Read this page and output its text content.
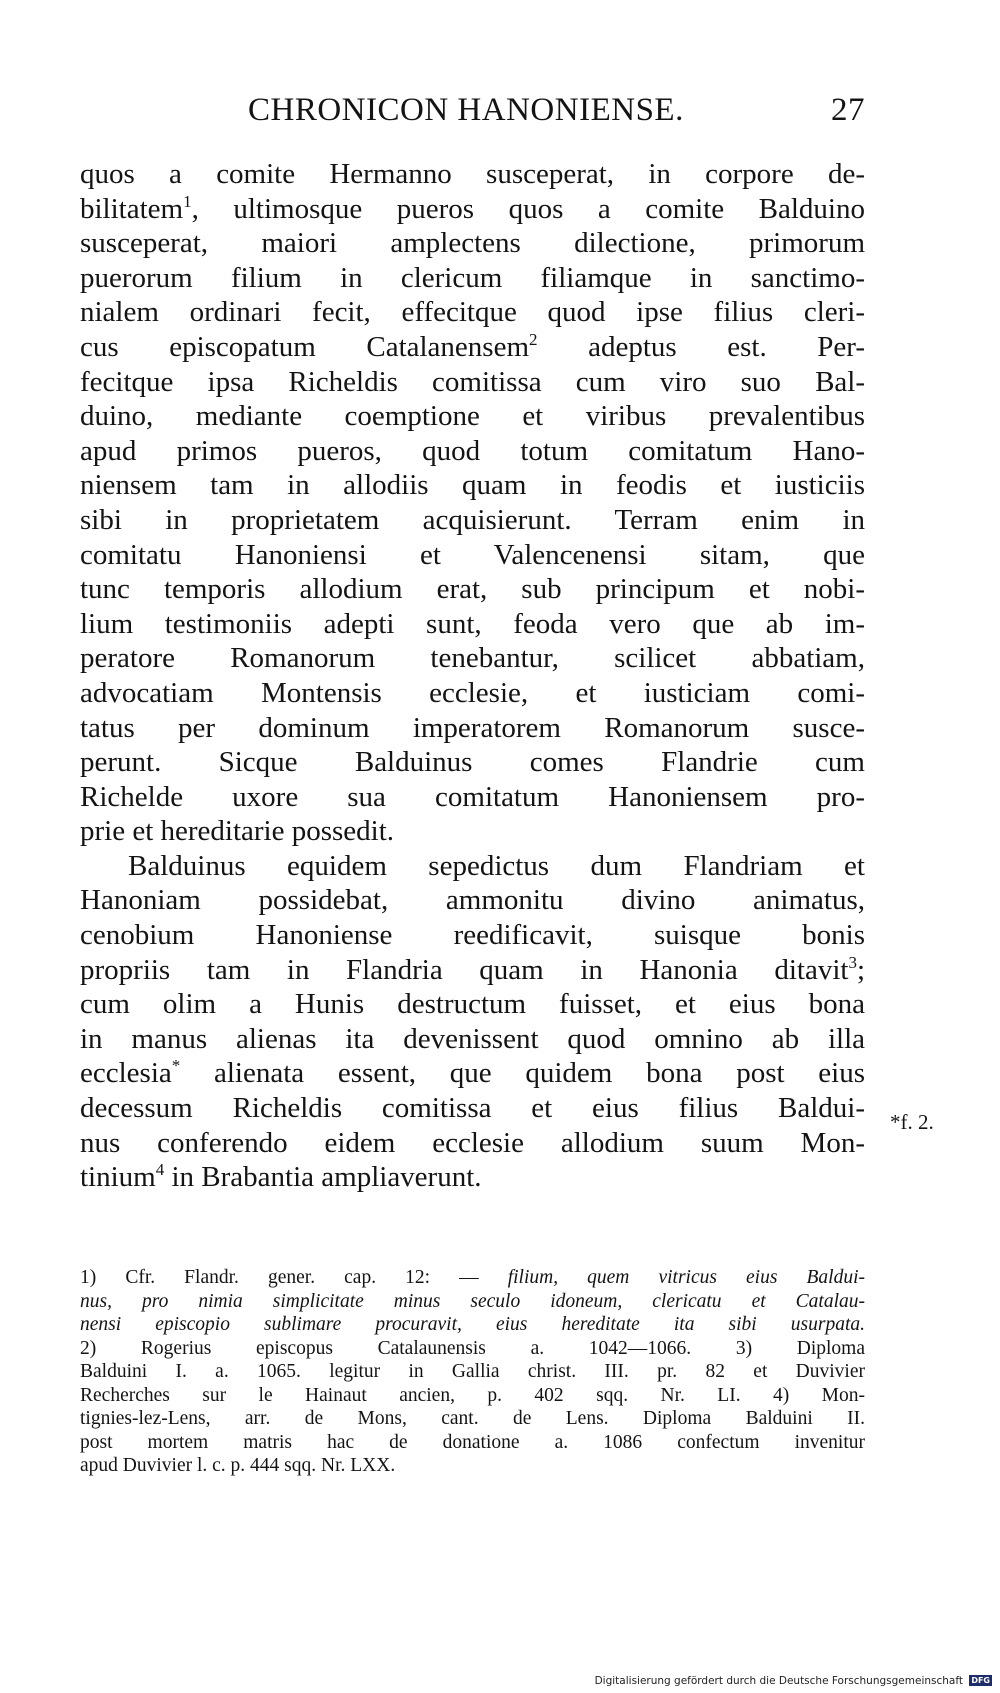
CHRONICON HANONIENSE.	27
quos a comite Hermanno susceperat, in corpore de-
bilitatem$^1$, ultimosque pueros quos a comite Balduino
susceperat, maiori amplectens dilectione, primorum
puerorum filium in clericum filiamque in sanctimo-
nialem ordinari fecit, effecitque quod ipse filius cleri-
cus episcopatum Catalanensem$^2$ adeptus est. Per-
fecitque ipsa Richeldis comitissa cum viro suo Bal-
duino, mediante coemptione et viribus prevalentibus
apud primos pueros, quod totum comitatum Hano-
niensem tam in allodiis quam in feodis et iusticiis
sibi in proprietatem acquisierunt. Terram enim in
comitatu Hanoniensi et Valencenensi sitam, que
tunc temporis allodium erat, sub principum et nobi-
lium testimoniis adepti sunt, feoda vero que ab im-
peratore Romanorum tenebantur, scilicet abbatiam,
advocatiam Montensis ecclesie, et iusticiam comi-
tatus per dominum imperatorem Romanorum susce-
perunt. Sicque Balduinus comes Flandrie cum
Richelde uxore sua comitatum Hanoniensem pro-
prie et hereditarie possedit.
Balduinus equidem sepedictus dum Flandriam et
Hanoniam possidebat, ammonitu divino animatus,
cenobium Hanoniense reedificavit, suisque bonis
propriis tam in Flandria quam in Hanonia ditavit$^3$;
cum olim a Hunis destructum fuisset, et eius bona
in manus alienas ita devenissent quod omnino ab illa
ecclesia* alienata essent, que quidem bona post eius
decessum Richeldis comitissa et eius filius Baldui-
nus conferendo eidem ecclesie allodium suum Mon-
tinium$^4$ in Brabantia ampliaverunt.
*f. 2.
1) Cfr. Flandr. gener. cap. 12: — filium, quem vitricus eius Baldui-
nus, pro nimia simplicitate minus seculo idoneum, clericatu et Catalau-
nensi episcopio sublimare procuravit, eius hereditate ita sibi usurpata.
2) Rogerius episcopus Catalaunensis a. 1042—1066. 3) Diploma
Balduini I. a. 1065. legitur in Gallia christ. III. pr. 82 et Duvivier
Recherches sur le Hainaut ancien, p. 402 sqq. Nr. LI. 4) Mon-
tignies-lez-Lens, arr. de Mons, cant. de Lens. Diploma Balduini II.
post mortem matris hac de donatione a. 1086 confectum invenitur
apud Duvivier l. c. p. 444 sqq. Nr. LXX.
Digitalisierung gefördert durch die Deutsche Forschungsgemeinschaft DFG
